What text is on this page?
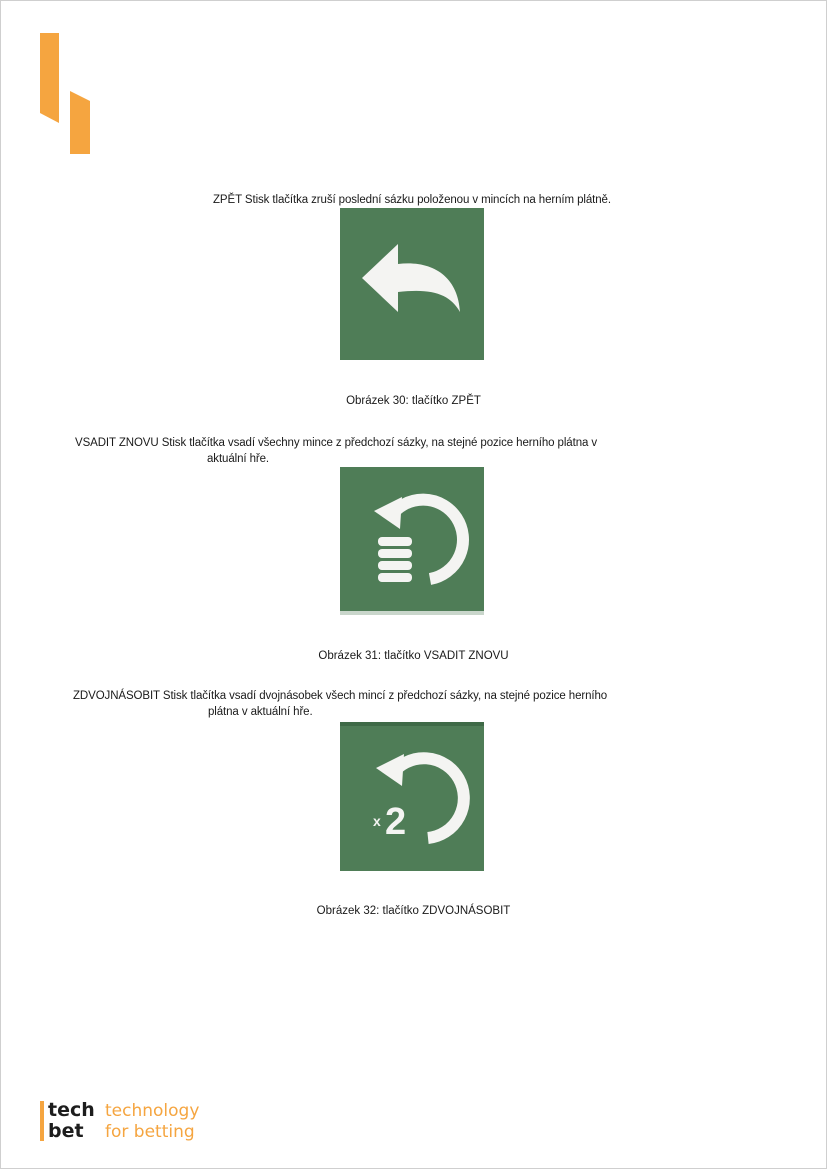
ZPĚT Stisk tlačítka zruší poslední sázku položenou v mincích na herním plátně.
Obrázek 30: tlačítko ZPĚT
VSADIT ZNOVU Stisk tlačítka vsadí všechny mince z předchozí sázky, na stejné pozice herního plátna v
aktuální hře.
Obrázek 31: tlačítko VSADIT ZNOVU
ZDVOJNÁSOBIT Stisk tlačítka vsadí dvojnásobek všech mincí z předchozí sázky, na stejné pozice herního
plátna v aktuální hře.
x 2
Obrázek 32: tlačítko ZDVOJNÁSOBIT
tech technology
bet for betting
